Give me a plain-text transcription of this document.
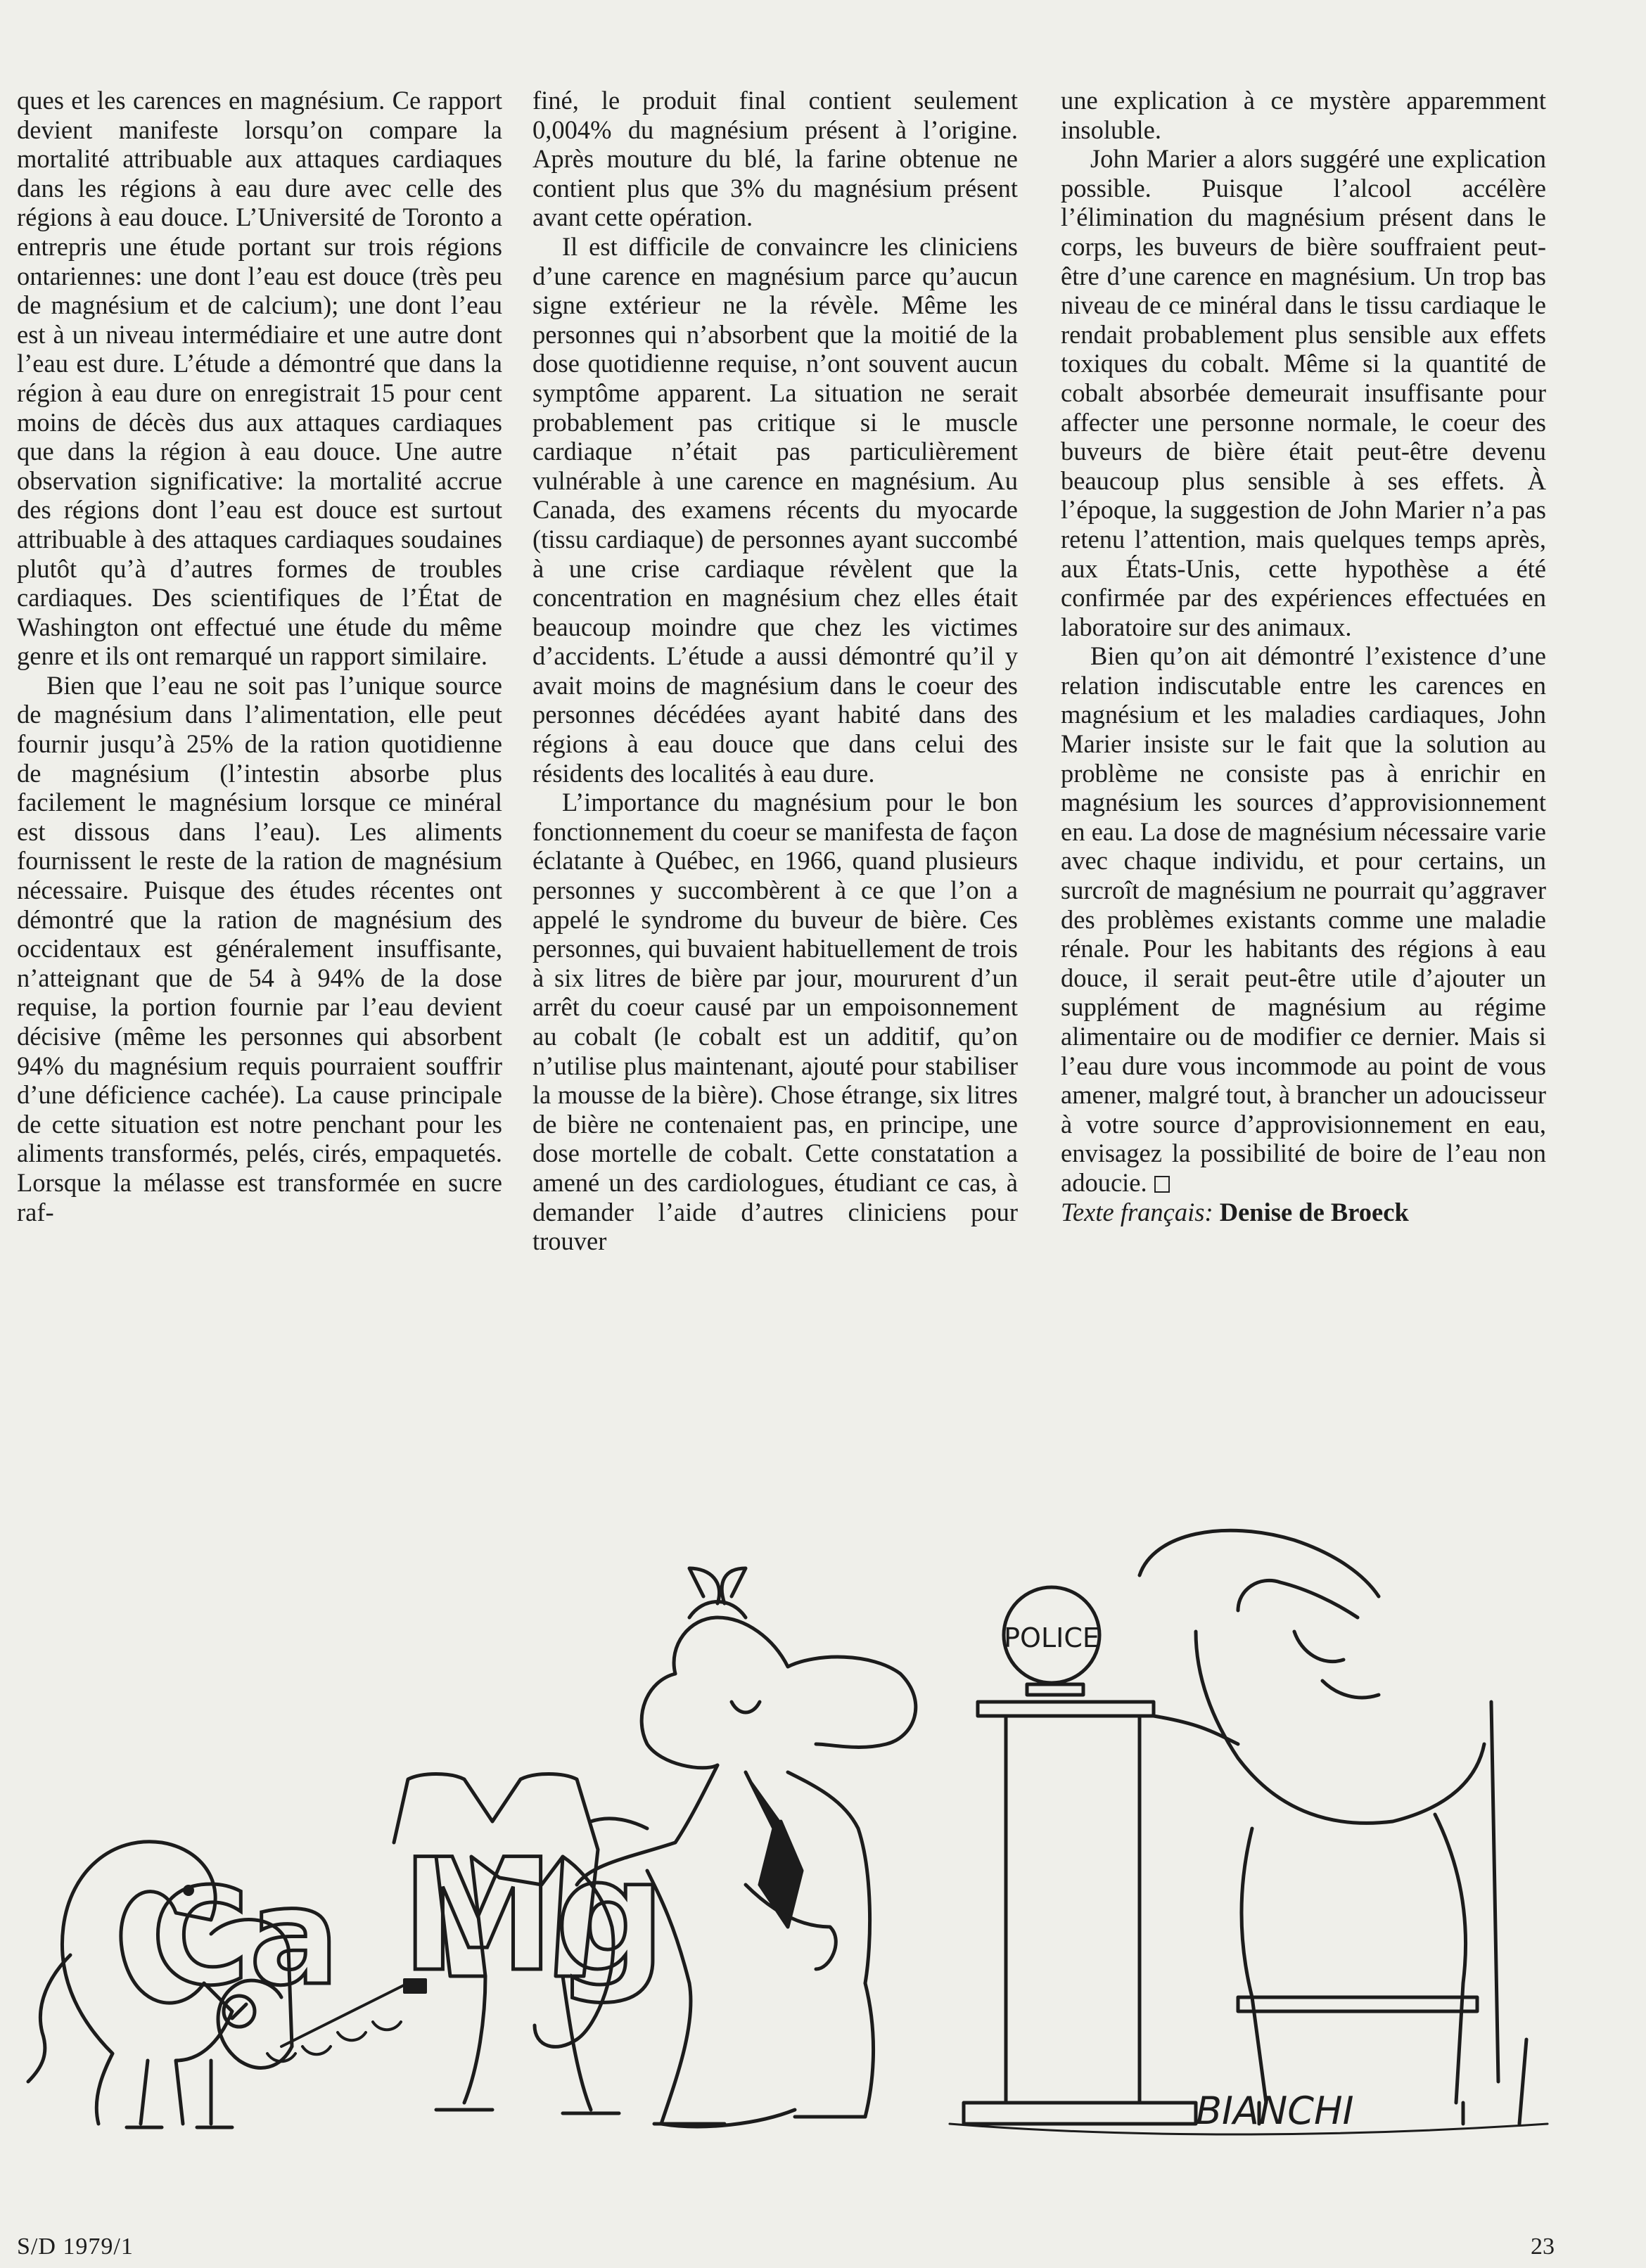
ques et les carences en magnésium. Ce rapport devient manifeste lorsqu’on compare la mortalité attribuable aux attaques cardiaques dans les régions à eau dure avec celle des régions à eau douce. L’Université de Toronto a entrepris une étude portant sur trois régions ontariennes: une dont l’eau est douce (très peu de magnésium et de calcium); une dont l’eau est à un niveau intermédiaire et une autre dont l’eau est dure. L’étude a démontré que dans la région à eau dure on enregistrait 15 pour cent moins de décès dus aux attaques cardiaques que dans la région à eau douce. Une autre observation significative: la mortalité accrue des régions dont l’eau est douce est surtout attribuable à des attaques cardiaques soudaines plutôt qu’à d’autres formes de troubles cardiaques. Des scientifiques de l’État de Washington ont effectué une étude du même genre et ils ont remarqué un rapport similaire.

Bien que l’eau ne soit pas l’unique source de magnésium dans l’alimentation, elle peut fournir jusqu’à 25% de la ration quotidienne de magnésium (l’intestin absorbe plus facilement le magnésium lorsque ce minéral est dissous dans l’eau). Les aliments fournissent le reste de la ration de magnésium nécessaire. Puisque des études récentes ont démontré que la ration de magnésium des occidentaux est généralement insuffisante, n’atteignant que de 54 à 94% de la dose requise, la portion fournie par l’eau devient décisive (même les personnes qui absorbent 94% du magnésium requis pourraient souffrir d’une déficience cachée). La cause principale de cette situation est notre penchant pour les aliments transformés, pelés, cirés, empaquetés. Lorsque la mélasse est transformée en sucre raf-

finé, le produit final contient seulement 0,004% du magnésium présent à l’origine. Après mouture du blé, la farine obtenue ne contient plus que 3% du magnésium présent avant cette opération.

Il est difficile de convaincre les cliniciens d’une carence en magnésium parce qu’aucun signe extérieur ne la révèle. Même les personnes qui n’absorbent que la moitié de la dose quotidienne requise, n’ont souvent aucun symptôme apparent. La situation ne serait probablement pas critique si le muscle cardiaque n’était pas particulièrement vulnérable à une carence en magnésium. Au Canada, des examens récents du myocarde (tissu cardiaque) de personnes ayant succombé à une crise cardiaque révèlent que la concentration en magnésium chez elles était beaucoup moindre que chez les victimes d’accidents. L’étude a aussi démontré qu’il y avait moins de magnésium dans le coeur des personnes décédées ayant habité dans des régions à eau douce que dans celui des résidents des localités à eau dure.

L’importance du magnésium pour le bon fonctionnement du coeur se manifesta de façon éclatante à Québec, en 1966, quand plusieurs personnes y succombèrent à ce que l’on a appelé le syndrome du buveur de bière. Ces personnes, qui buvaient habituellement de trois à six litres de bière par jour, moururent d’un arrêt du coeur causé par un empoisonnement au cobalt (le cobalt est un additif, qu’on n’utilise plus maintenant, ajouté pour stabiliser la mousse de la bière). Chose étrange, six litres de bière ne contenaient pas, en principe, une dose mortelle de cobalt. Cette constatation a amené un des cardiologues, étudiant ce cas, à demander l’aide d’autres cliniciens pour trouver

une explication à ce mystère apparemment insoluble.

John Marier a alors suggéré une explication possible. Puisque l’alcool accélère l’élimination du magnésium présent dans le corps, les buveurs de bière souffraient peut-être d’une carence en magnésium. Un trop bas niveau de ce minéral dans le tissu cardiaque le rendait probablement plus sensible aux effets toxiques du cobalt. Même si la quantité de cobalt absorbée demeurait insuffisante pour affecter une personne normale, le coeur des buveurs de bière était peut-être devenu beaucoup plus sensible à ses effets. À l’époque, la suggestion de John Marier n’a pas retenu l’attention, mais quelques temps après, aux États-Unis, cette hypothèse a été confirmée par des expériences effectuées en laboratoire sur des animaux.

Bien qu’on ait démontré l’existence d’une relation indiscutable entre les carences en magnésium et les maladies cardiaques, John Marier insiste sur le fait que la solution au problème ne consiste pas à enrichir en magnésium les sources d’approvisionnement en eau. La dose de magnésium nécessaire varie avec chaque individu, et pour certains, un surcroît de magnésium ne pourrait qu’aggraver des problèmes existants comme une maladie rénale. Pour les habitants des régions à eau douce, il serait peut-être utile d’ajouter un supplément de magnésium au régime alimentaire ou de modifier ce dernier. Mais si l’eau dure vous incommode au point de vous amener, malgré tout, à brancher un adoucisseur à votre source d’approvisionnement en eau, envisagez la possibilité de boire de l’eau non adoucie.

Texte français: Denise de Broeck

Ca Mg
POLICE
BIANCHI
S/D 1979/1	23
